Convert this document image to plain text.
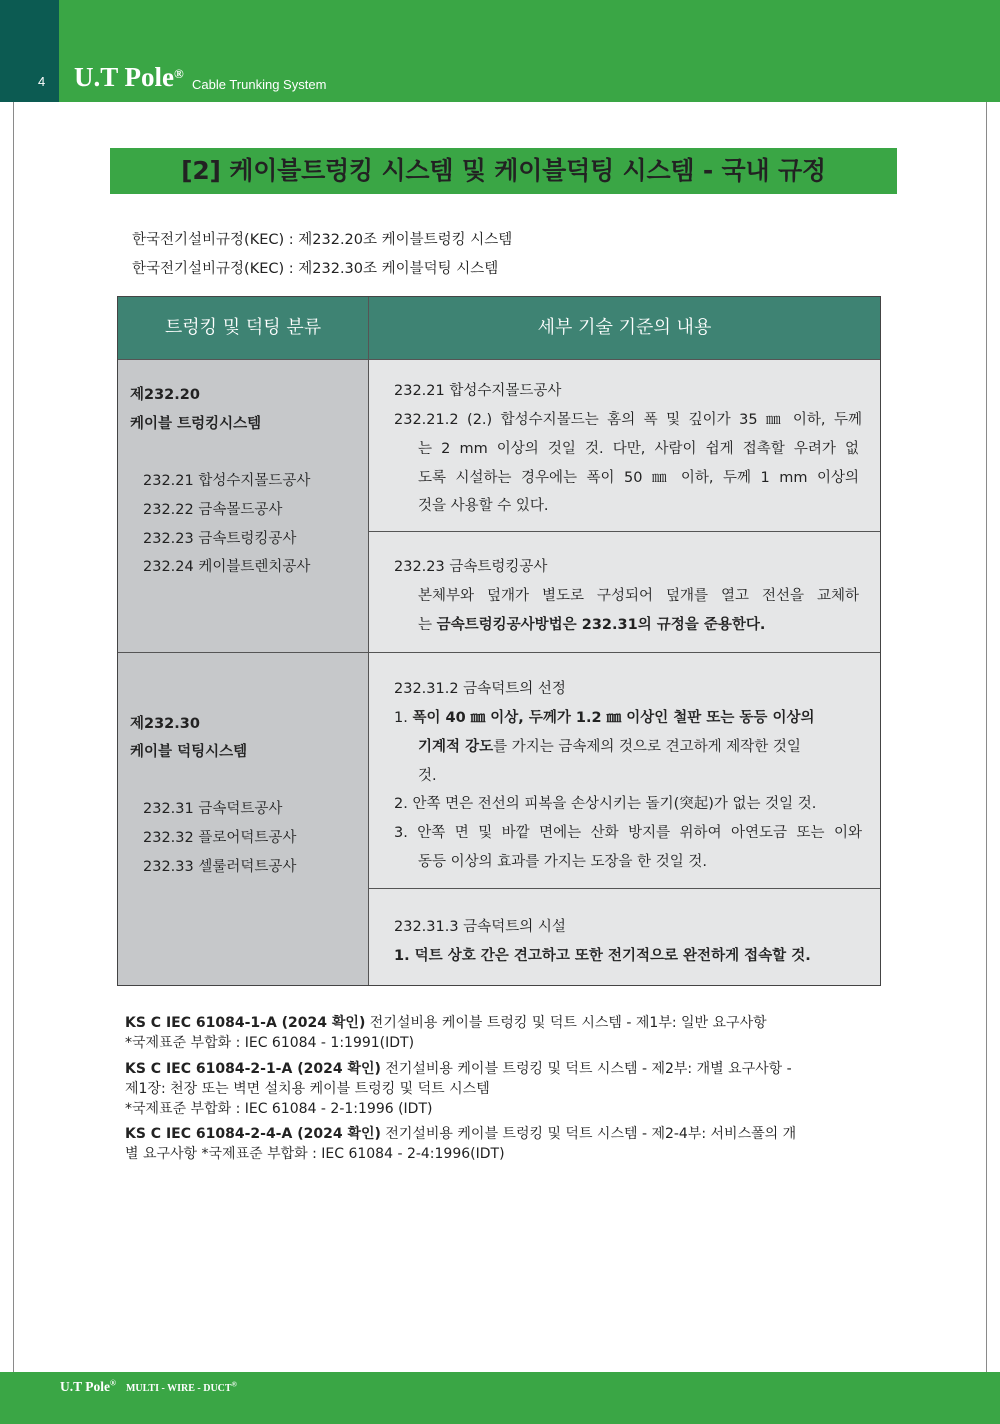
4 U.T Pole®
Cable Trunking System
[2] 케이블트렁킹 시스템 및 케이블덕팅 시스템 - 국내 규정
한국전기설비규정(KEC) : 제232.20조 케이블트렁킹 시스템
한국전기설비규정(KEC) : 제232.30조 케이블덕팅 시스템
트렁킹 및 덕팅 분류	세부 기술 기준의 내용
제232.20
케이블 트렁킹시스템
232.21 합성수지몰드공사
232.22 금속몰드공사
232.23 금속트렁킹공사
232.24 케이블트렌치공사
232.21 합성수지몰드공사
232.21.2 (2.) 합성수지몰드는 홈의 폭 및 깊이가 35 ㎜ 이하, 두께
는 2 mm 이상의 것일 것. 다만, 사람이 쉽게 접촉할 우려가 없
도록 시설하는 경우에는 폭이 50 ㎜ 이하, 두께 1 mm 이상의
것을 사용할 수 있다.
232.23 금속트렁킹공사
본체부와 덮개가 별도로 구성되어 덮개를 열고 전선을 교체하
는 금속트렁킹공사방법은 232.31의 규정을 준용한다.
제232.30
케이블 덕팅시스템
232.31 금속덕트공사
232.32 플로어덕트공사
232.33 셀룰러덕트공사
232.31.2 금속덕트의 선정
1. 폭이 40 ㎜ 이상, 두께가 1.2 ㎜ 이상인 철판 또는 동등 이상의
기계적 강도를 가지는 금속제의 것으로 견고하게 제작한 것일
것.
2. 안쪽 면은 전선의 피복을 손상시키는 돌기(突起)가 없는 것일 것.
3. 안쪽 면 및 바깥 면에는 산화 방지를 위하여 아연도금 또는 이와
동등 이상의 효과를 가지는 도장을 한 것일 것.
232.31.3 금속덕트의 시설
1. 덕트 상호 간은 견고하고 또한 전기적으로 완전하게 접속할 것.
KS C IEC 61084-1-A (2024 확인) 전기설비용 케이블 트렁킹 및 덕트 시스템 - 제1부: 일반 요구사항
*국제표준 부합화 : IEC 61084 - 1:1991(IDT)
KS C IEC 61084-2-1-A (2024 확인) 전기설비용 케이블 트렁킹 및 덕트 시스템 - 제2부: 개별 요구사항 -
제1장: 천장 또는 벽면 설치용 케이블 트렁킹 및 덕트 시스템
*국제표준 부합화 : IEC 61084 - 2-1:1996 (IDT)
KS C IEC 61084-2-4-A (2024 확인) 전기설비용 케이블 트렁킹 및 덕트 시스템 - 제2-4부: 서비스폴의 개
별 요구사항 *국제표준 부합화 : IEC 61084 - 2-4:1996(IDT)
U.T Pole® MULTI - WIRE - DUCT®
